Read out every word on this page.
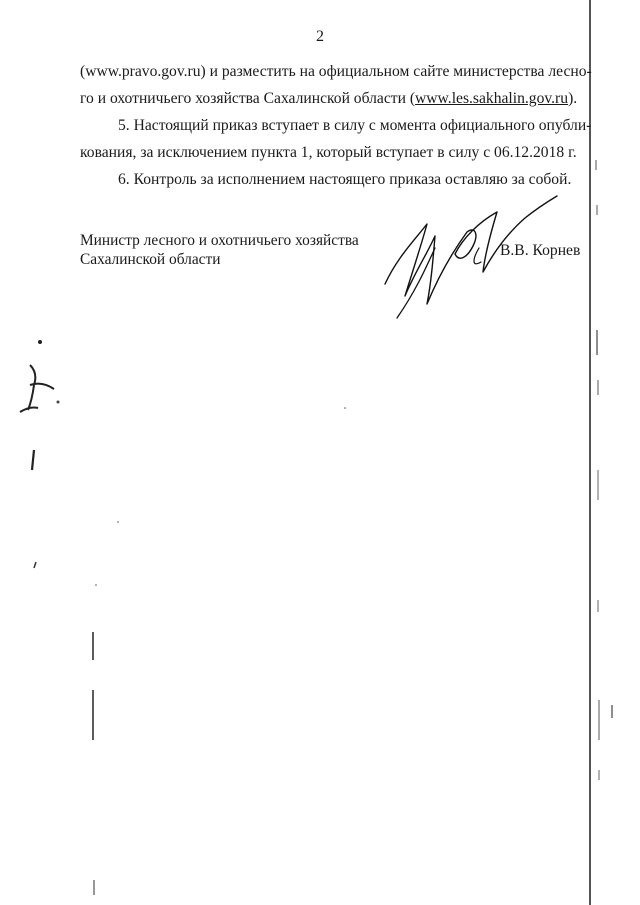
2
(www.pravo.gov.ru) и разместить на официальном сайте министерства лесно-
го и охотничьего хозяйства Сахалинской области (www.les.sakhalin.gov.ru).
5. Настоящий приказ вступает в силу с момента официального опубли-
кования, за исключением пункта 1, который вступает в силу с 06.12.2018 г.
6. Контроль за исполнением настоящего приказа оставляю за собой.
Министр лесного и охотничьего хозяйства
Сахалинской области
В.В. Корнев
